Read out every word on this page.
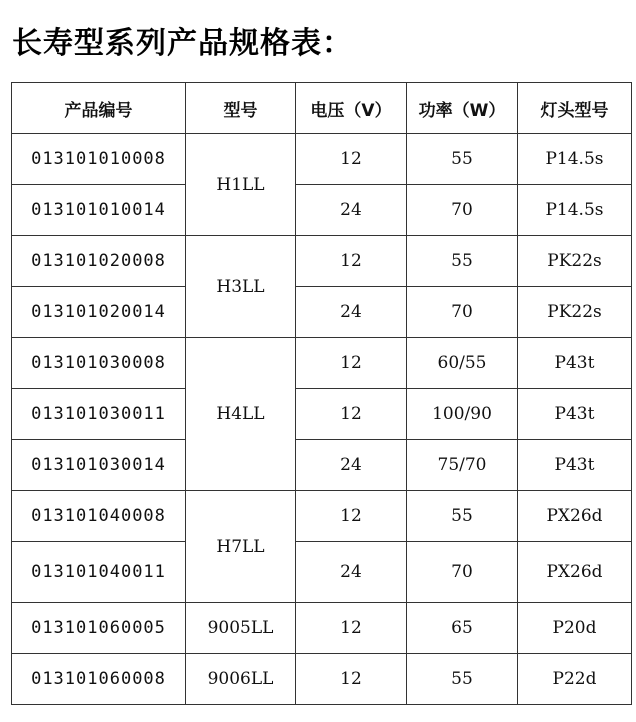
长寿型系列产品规格表：
产品编号	型号	电压（V）	功率（W）	灯头型号
013101010008	H1LL	12	55	P14.5s
013101010014		24	70	P14.5s
013101020008	H3LL	12	55	PK22s
013101020014		24	70	PK22s
013101030008	H4LL	12	60/55	P43t
013101030011		12	100/90	P43t
013101030014		24	75/70	P43t
013101040008	H7LL	12	55	PX26d
013101040011		24	70	PX26d
013101060005	9005LL	12	65	P20d
013101060008	9006LL	12	55	P22d
